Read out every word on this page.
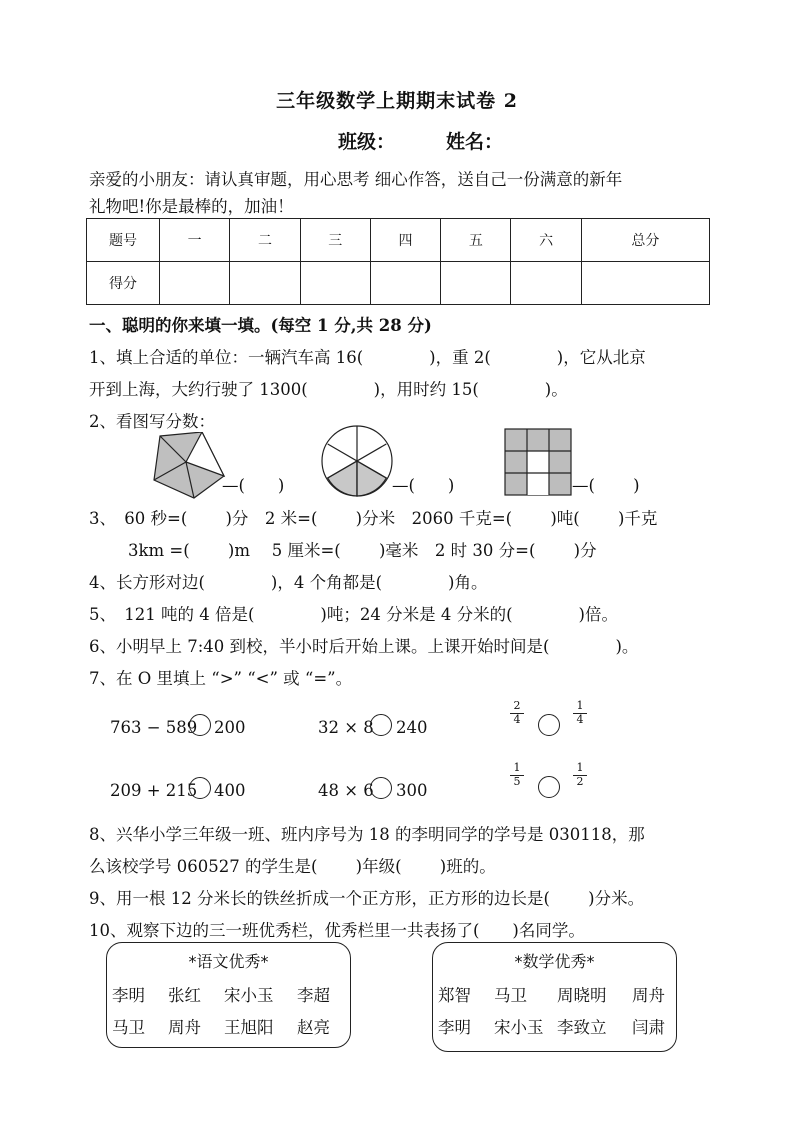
三年级数学上期期末试卷 2
班级：	姓名：
亲爱的小朋友：请认真审题，用心思考 细心作答，送自己一份满意的新年
礼物吧!你是最棒的，加油！
题号	一	二	三	四	五	六	总分
得分							
一、聪明的你来填一填。(每空 1 分,共 28 分)
1、填上合适的单位：一辆汽车高 16(　　　　)，重 2(　　　　)，它从北京
开到上海，大约行驶了 1300(　　　　)，用时约 15(　　　　)。
2、看图写分数：
—(　　)	—(　　)	—(　　 )
3、　60 秒=(　　 )分　2 米=(　　 )分米　2060 千克=(　　 )吨(　　 )千克
3km =(　　 )m　 5 厘米=(　　 )毫米　2 时 30 分=(　　 )分
4、长方形对边(　　　　)，4 个角都是(　　　　)角。
5、　121 吨的 4 倍是(　　　　)吨；24 分米是 4 分米的(　　　　)倍。
6、小明早上 7:40 到校，半小时后开始上课。上课开始时间是(　　　　)。
7、在 O 里填上 “>” “<” 或 “=”。
763 − 589 200	32 × 8 240
$\frac{2}{4}$	$\frac{1}{4}$
209 + 215 400	48 × 6 300
$\frac{1}{5}$	$\frac{1}{2}$
8、兴华小学三年级一班、班内序号为 18 的李明同学的学号是 030118，那
么该校学号 060527 的学生是(　　 )年级(　　 )班的。
9、用一根 12 分米长的铁丝折成一个正方形，正方形的边长是(　　 )分米。
10、观察下边的三一班优秀栏，优秀栏里一共表扬了(　　)名同学。
*语文优秀*
李明 张红 宋小玉 李超
马卫 周舟 王旭阳 赵亮
*数学优秀*
郑智 马卫 周晓明 周舟
李明 宋小玉 李致立 闫肃
